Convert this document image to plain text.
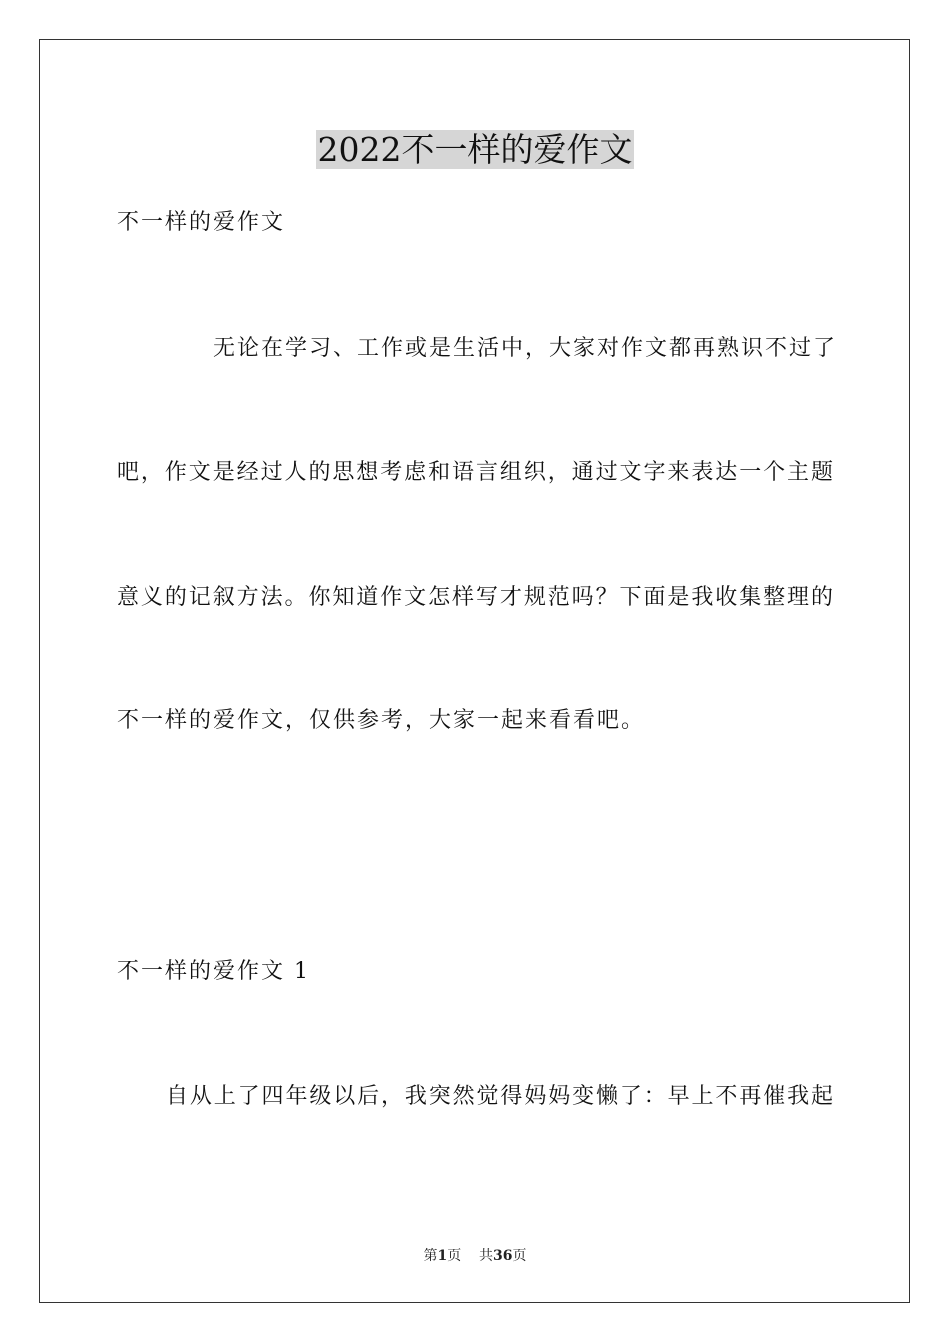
2022不一样的爱作文
不一样的爱作文
无论在学习、工作或是生活中，大家对作文都再熟识不过了
吧，作文是经过人的思想考虑和语言组织，通过文字来表达一个主题
意义的记叙方法。你知道作文怎样写才规范吗？下面是我收集整理的
不一样的爱作文，仅供参考，大家一起来看看吧。
不一样的爱作文 1
自从上了四年级以后，我突然觉得妈妈变懒了：早上不再催我起
第1页 共36页
